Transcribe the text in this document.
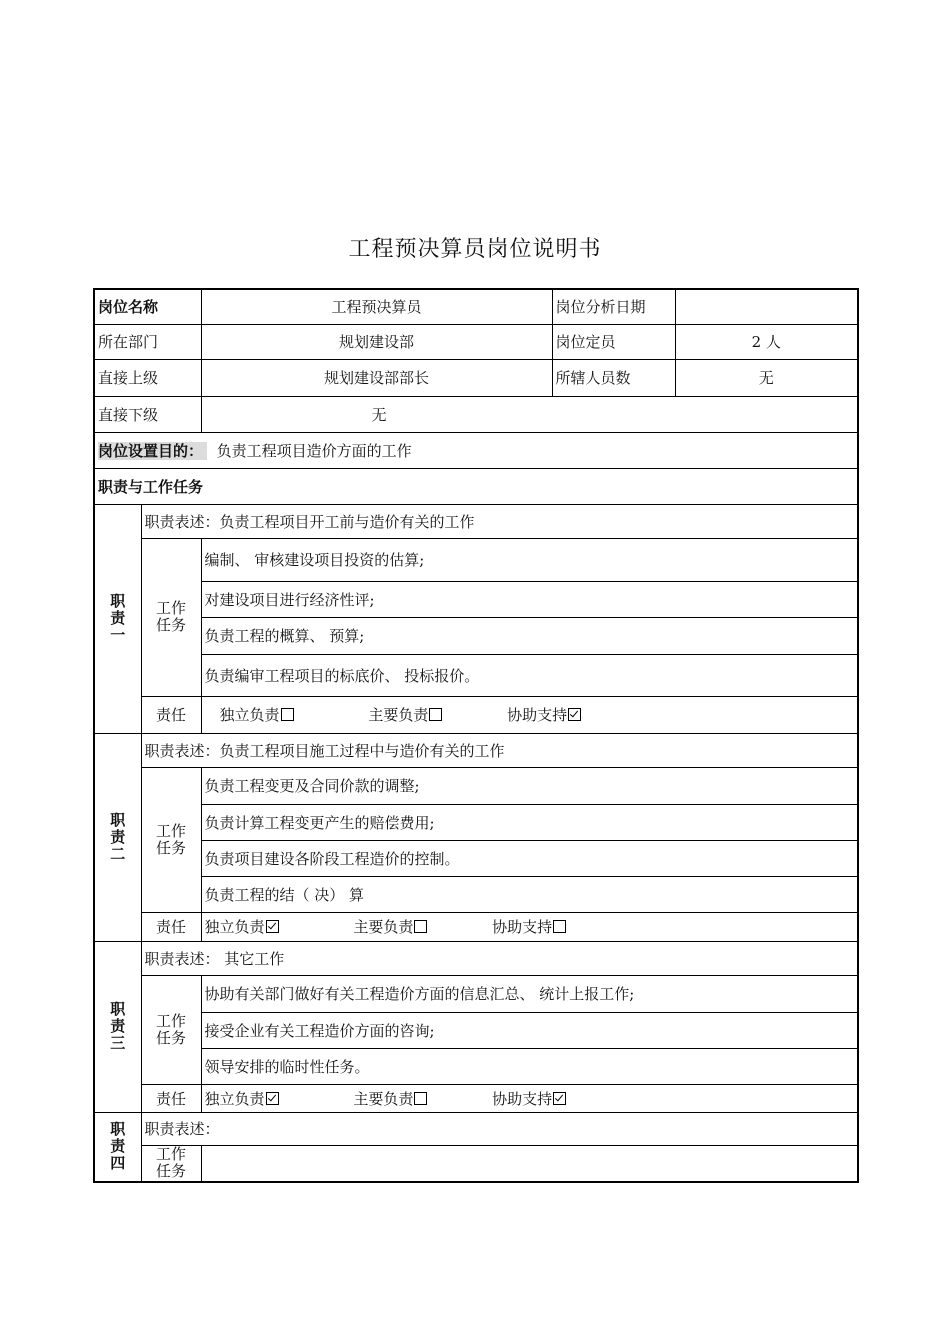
工程预决算员岗位说明书
岗位名称		工程预决算员	岗位分析日期	
所在部门		规划建设部	岗位定员	2 人
直接上级		规划建设部部长	所辖人员数	无
直接下级		无		
岗位设置目的： 负责工程项目造价方面的工作				
职责与工作任务				

职
责
一	职责表述：负责工程项目开工前与造价有关的工作			

	工作
任务	编制、 审核建设项目投资的估算;		
		对建设项目进行经济性评;		
		负责工程的概算、 预算;		
		负责编审工程项目的标底价、 投标报价。		
	责任	独立负责 主要负责 协助支持		

职
责
二	职责表述：负责工程项目施工过程中与造价有关的工作			

	工作
任务	负责工程变更及合同价款的调整;		
		负责计算工程变更产生的赔偿费用;		
		负责项目建设各阶段工程造价的控制。		
		负责工程的结（ 决） 算		
	责任	独立负责 主要负责 协助支持		

职
责
三	职责表述： 其它工作			

	工作
任务	协助有关部门做好有关工程造价方面的信息汇总、 统计上报工作;		
		接受企业有关工程造价方面的咨询;		
		领导安排的临时性任务。		
	责任	独立负责 主要负责 协助支持		

职
责
四	职责表述：			

	工作
任务			
